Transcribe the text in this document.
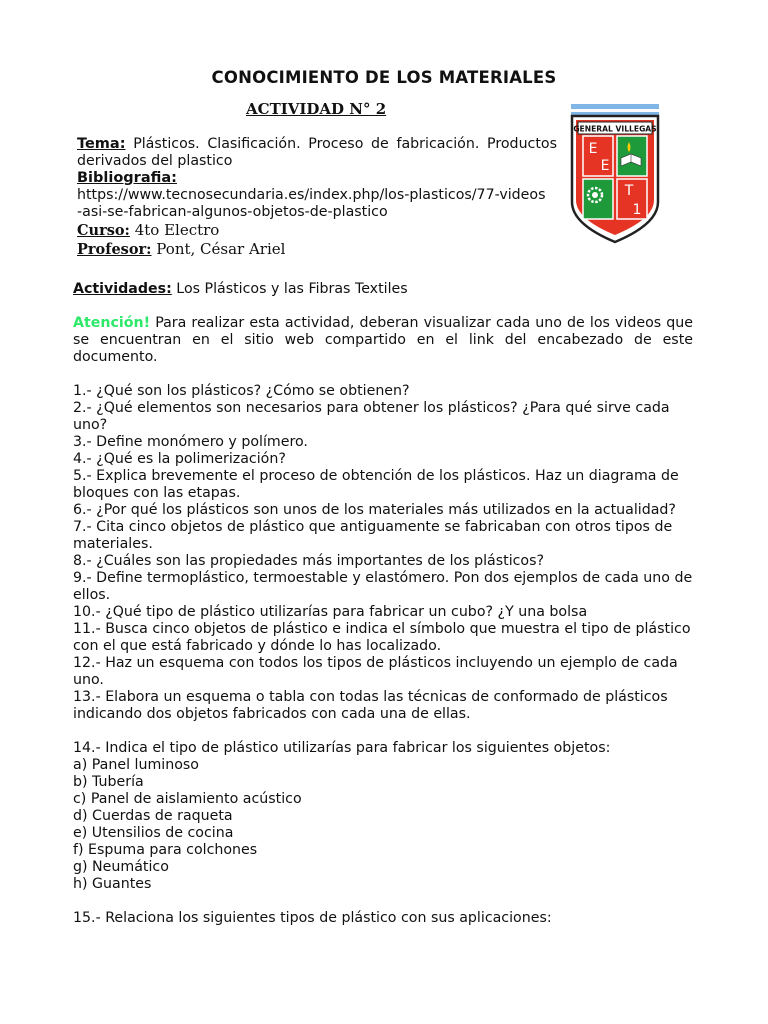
CONOCIMIENTO DE LOS MATERIALES
ACTIVIDAD N° 2
Tema: Plásticos. Clasificación. Proceso de fabricación. Productos derivados del plastico
Bibliografia:
https://www.tecnosecundaria.es/index.php/los-plasticos/77-videos-asi-se-fabrican-algunos-objetos-de-plastico
Curso: 4to Electro
Profesor: Pont, César Ariel
GENERAL VILLEGAS
E
E
T
1

Actividades: Los Plásticos y las Fibras Textiles

Atención! Para realizar esta actividad, deberan visualizar cada uno de los videos que se encuentran en el sitio web compartido en el link del encabezado de este documento.

1.- ¿Qué son los plásticos? ¿Cómo se obtienen?

2.- ¿Qué elementos son necesarios para obtener los plásticos? ¿Para qué sirve cada uno?

3.- Define monómero y polímero.

4.- ¿Qué es la polimerización?

5.- Explica brevemente el proceso de obtención de los plásticos. Haz un diagrama de bloques con las etapas.

6.- ¿Por qué los plásticos son unos de los materiales más utilizados en la actualidad?

7.- Cita cinco objetos de plástico que antiguamente se fabricaban con otros tipos de materiales.

8.- ¿Cuáles son las propiedades más importantes de los plásticos?

9.- Define termoplástico, termoestable y elastómero. Pon dos ejemplos de cada uno de ellos.

10.- ¿Qué tipo de plástico utilizarías para fabricar un cubo? ¿Y una bolsa

11.- Busca cinco objetos de plástico e indica el símbolo que muestra el tipo de plástico con el que está fabricado y dónde lo has localizado.

12.- Haz un esquema con todos los tipos de plásticos incluyendo un ejemplo de cada uno.

13.- Elabora un esquema o tabla con todas las técnicas de conformado de plásticos indicando dos objetos fabricados con cada una de ellas.

14.- Indica el tipo de plástico utilizarías para fabricar los siguientes objetos:

a) Panel luminoso

b) Tubería

c) Panel de aislamiento acústico

d) Cuerdas de raqueta

e) Utensilios de cocina

f) Espuma para colchones

g) Neumático

h) Guantes

15.- Relaciona los siguientes tipos de plástico con sus aplicaciones:
